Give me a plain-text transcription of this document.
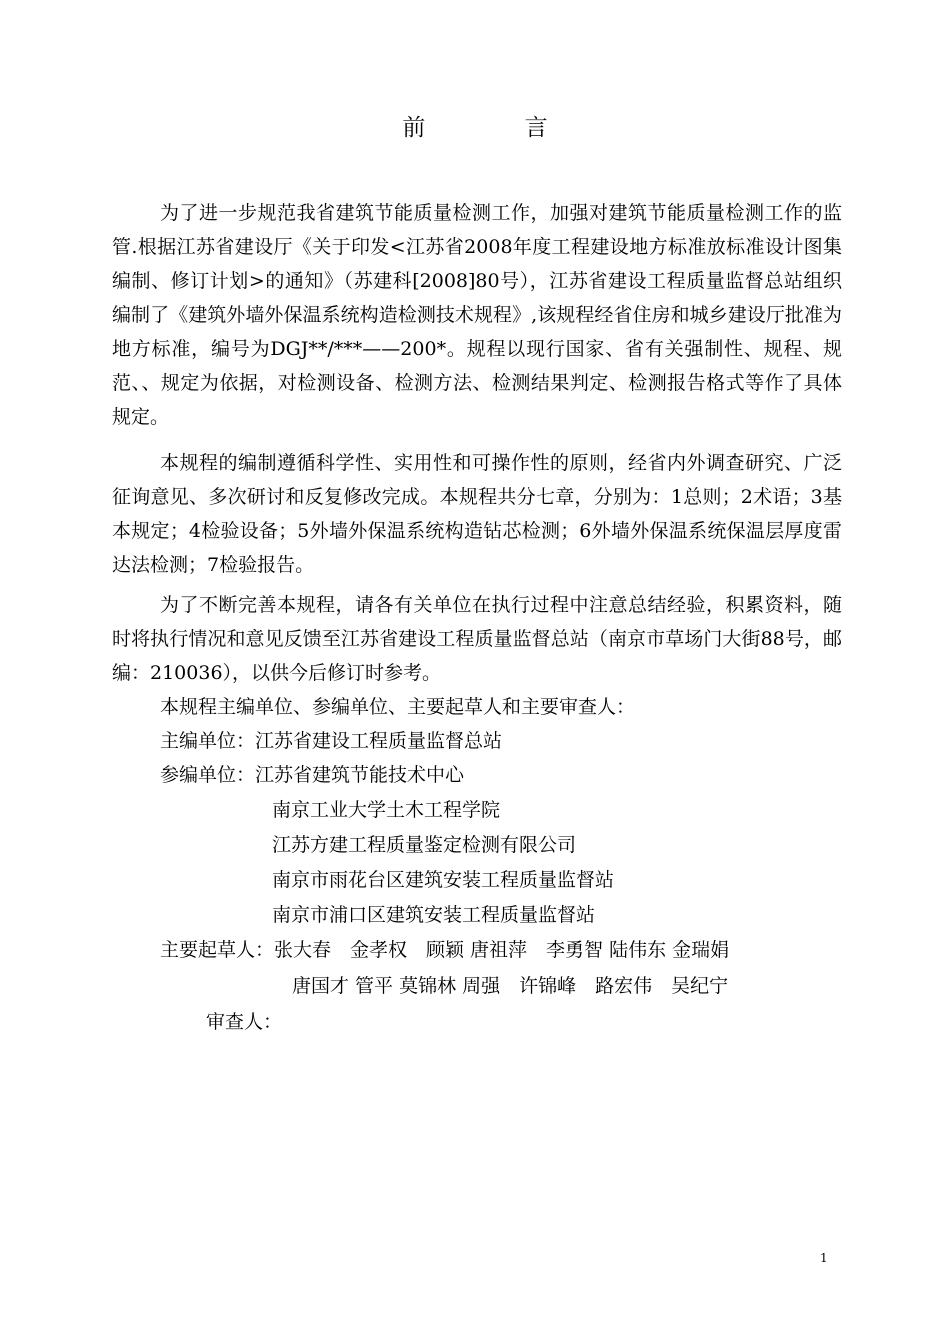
前 言

为了进一步规范我省建筑节能质量检测工作，加强对建筑节能质量检测工作的监管.根据江苏省建设厅《关于印发<江苏省2008年度工程建设地方标准放标准设计图集编制、修订计划>的通知》（苏建科[2008]80号），江苏省建设工程质量监督总站组织编制了《建筑外墙外保温系统构造检测技术规程》,该规程经省住房和城乡建设厅批准为地方标准，编号为DGJ**/***——200*。规程以现行国家、省有关强制性、规程、规范、、规定为依据，对检测设备、检测方法、检测结果判定、检测报告格式等作了具体规定。

本规程的编制遵循科学性、实用性和可操作性的原则，经省内外调查研究、广泛征询意见、多次研讨和反复修改完成。本规程共分七章，分别为：1总则；2术语；3基本规定；4检验设备；5外墙外保温系统构造钻芯检测；6外墙外保温系统保温层厚度雷达法检测；7检验报告。

为了不断完善本规程，请各有关单位在执行过程中注意总结经验，积累资料，随时将执行情况和意见反馈至江苏省建设工程质量监督总站（南京市草场门大街88号，邮编：210036），以供今后修订时参考。

本规程主编单位、参编单位、主要起草人和主要审查人：
主编单位：江苏省建设工程质量监督总站
参编单位：江苏省建筑节能技术中心
南京工业大学土木工程学院
江苏方建工程质量鉴定检测有限公司
南京市雨花台区建筑安装工程质量监督站
南京市浦口区建筑安装工程质量监督站
主要起草人：张大春　金孝权　顾颖 唐祖萍　李勇智 陆伟东 金瑞娟
唐国才 管平 莫锦林 周强　许锦峰　路宏伟　吴纪宁
审查人：
1
